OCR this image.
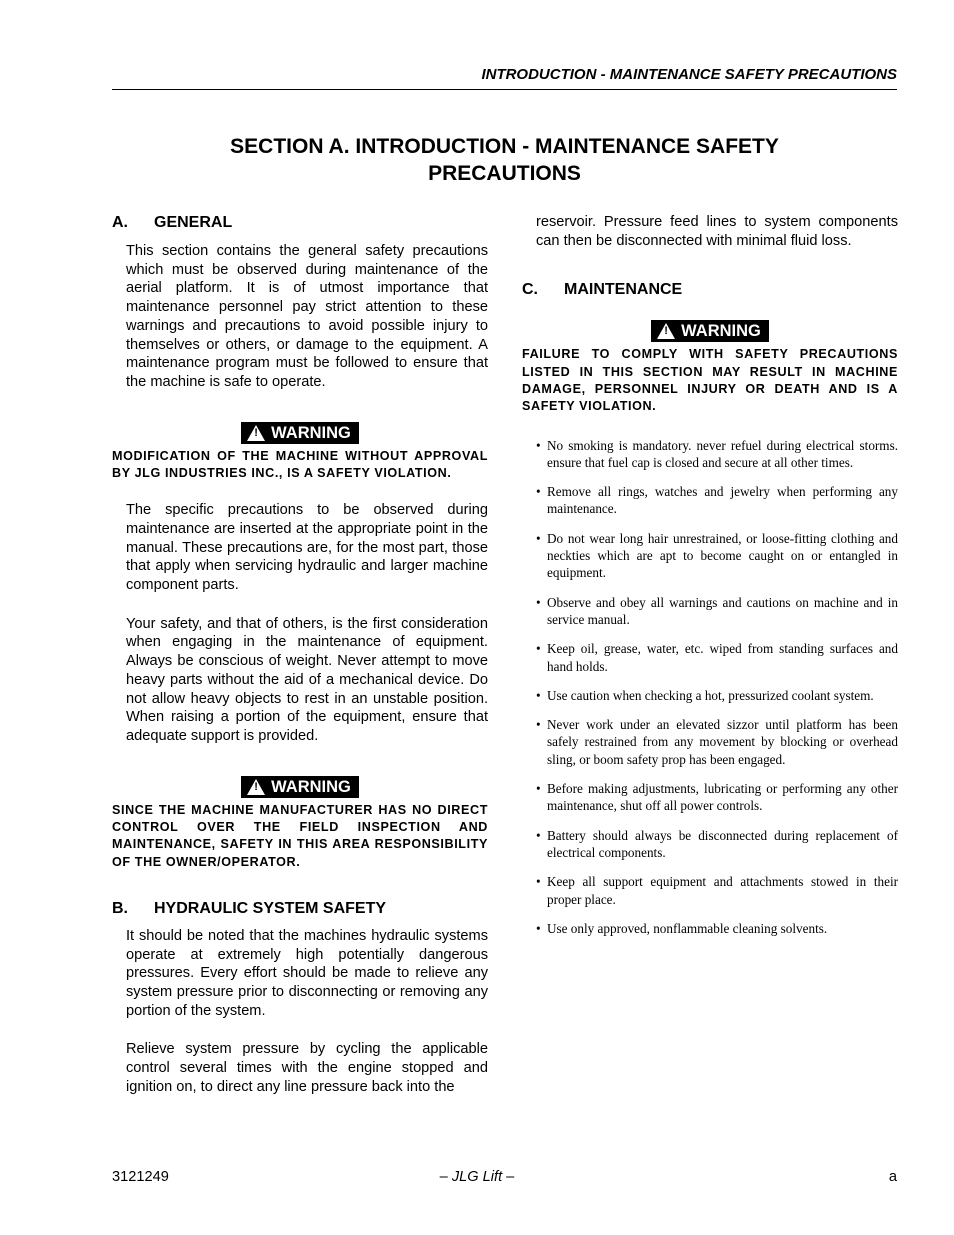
INTRODUCTION - MAINTENANCE SAFETY PRECAUTIONS
SECTION A. INTRODUCTION - MAINTENANCE SAFETY
PRECAUTIONS
A.	GENERAL

This section contains the general safety precautions which must be observed during maintenance of the aerial platform. It is of utmost importance that maintenance personnel pay strict attention to these warnings and precautions to avoid possible injury to themselves or others, or damage to the equipment. A maintenance program must be followed to ensure that the machine is safe to operate.

! WARNING

MODIFICATION OF THE MACHINE WITHOUT APPROVAL BY JLG INDUSTRIES INC., IS A SAFETY VIOLATION.

The specific precautions to be observed during maintenance are inserted at the appropriate point in the manual. These precautions are, for the most part, those that apply when servicing hydraulic and larger machine component parts.

Your safety, and that of others, is the first consideration when engaging in the maintenance of equipment. Always be conscious of weight. Never attempt to move heavy parts without the aid of a mechanical device. Do not allow heavy objects to rest in an unstable position. When raising a portion of the equipment, ensure that adequate support is provided.

! WARNING

SINCE THE MACHINE MANUFACTURER HAS NO DIRECT CONTROL OVER THE FIELD INSPECTION AND MAINTENANCE, SAFETY IN THIS AREA RESPONSIBILITY OF THE OWNER/OPERATOR.

B.	HYDRAULIC SYSTEM SAFETY

It should be noted that the machines hydraulic systems operate at extremely high potentially dangerous pressures. Every effort should be made to relieve any system pressure prior to disconnecting or removing any portion of the system.

Relieve system pressure by cycling the applicable control several times with the engine stopped and ignition on, to direct any line pressure back into the

reservoir. Pressure feed lines to system components can then be disconnected with minimal fluid loss.

C.	MAINTENANCE
! WARNING

FAILURE TO COMPLY WITH SAFETY PRECAUTIONS LISTED IN THIS SECTION MAY RESULT IN MACHINE DAMAGE, PERSONNEL INJURY OR DEATH AND IS A SAFETY VIOLATION.

• No smoking is mandatory. never refuel during electrical storms. ensure that fuel cap is closed and secure at all other times.
• Remove all rings, watches and jewelry when performing any maintenance.
• Do not wear long hair unrestrained, or loose-fitting clothing and neckties which are apt to become caught on or entangled in equipment.
• Observe and obey all warnings and cautions on machine and in service manual.
• Keep oil, grease, water, etc. wiped from standing surfaces and hand holds.
• Use caution when checking a hot, pressurized coolant system.
• Never work under an elevated sizzor until platform has been safely restrained from any movement by blocking or overhead sling, or boom safety prop has been engaged.
• Before making adjustments, lubricating or performing any other maintenance, shut off all power controls.
• Battery should always be disconnected during replacement of electrical components.
• Keep all support equipment and attachments stowed in their proper place.
• Use only approved, nonflammable cleaning solvents.
3121249	– JLG Lift –	a
